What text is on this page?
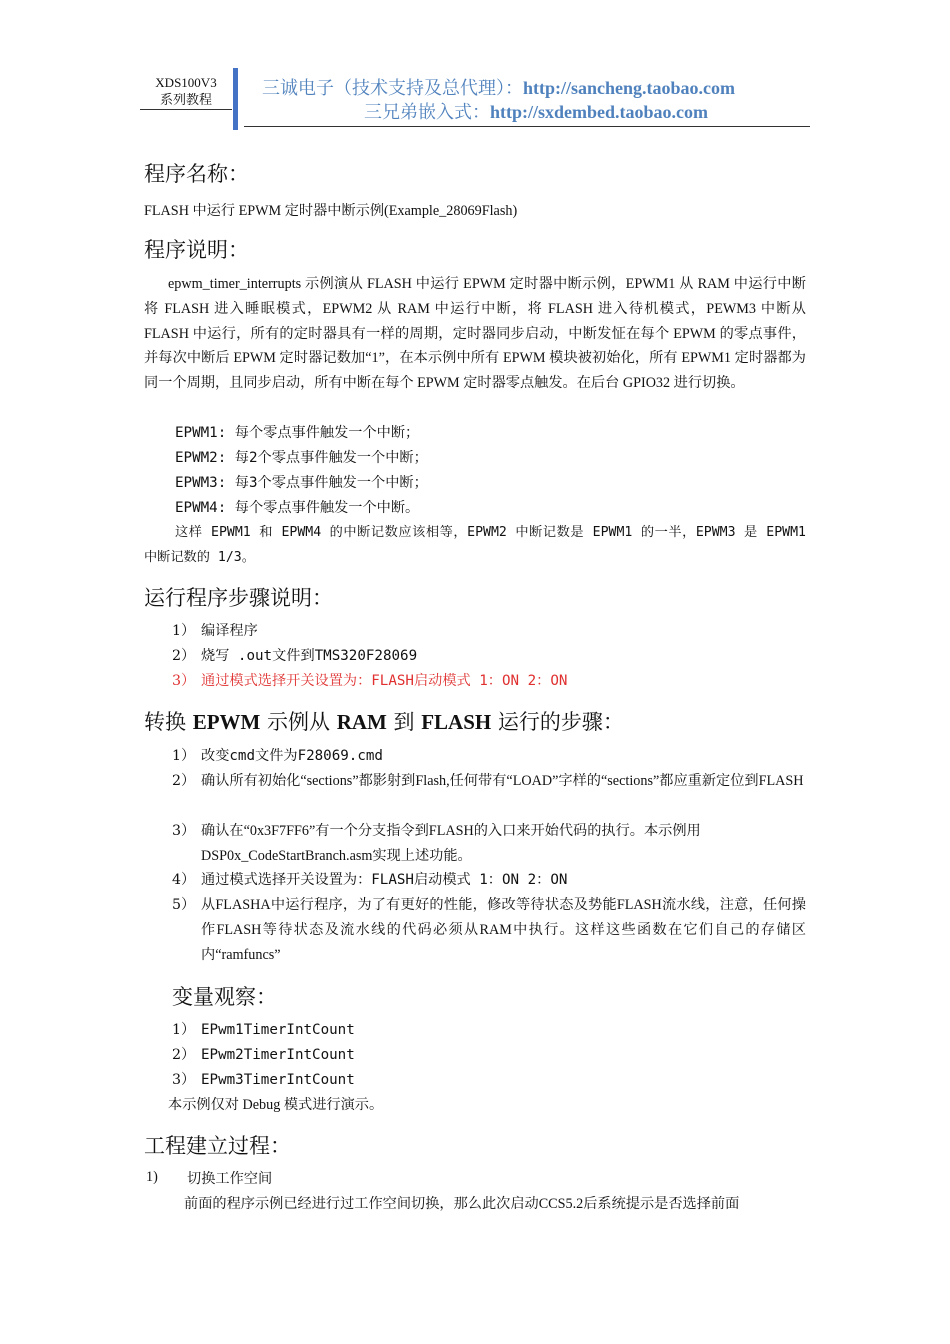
XDS100V3
系列教程
三诚电子（技术支持及总代理）：http://sancheng.taobao.com
三兄弟嵌入式：http://sxdembed.taobao.com
程序名称：
FLASH 中运行 EPWM 定时器中断示例(Example_28069Flash)
程序说明：
epwm_timer_interrupts 示例演从 FLASH 中运行 EPWM 定时器中断示例，EPWM1 从 RAM 中运行中断将 FLASH 进入睡眠模式，EPWM2 从 RAM 中运行中断，将 FLASH 进入待机模式，PEWM3 中断从 FLASH 中运行，所有的定时器具有一样的周期，定时器同步启动，中断发怔在每个 EPWM 的零点事件，并每次中断后 EPWM 定时器记数加“1”，在本示例中所有 EPWM 模块被初始化，所有 EPWM1 定时器都为同一个周期，且同步启动，所有中断在每个 EPWM 定时器零点触发。在后台 GPIO32 进行切换。
EPWM1: 每个零点事件触发一个中断；
EPWM2: 每2个零点事件触发一个中断；
EPWM3: 每3个零点事件触发一个中断；
EPWM4: 每个零点事件触发一个中断。
这样 EPWM1 和 EPWM4 的中断记数应该相等，EPWM2 中断记数是 EPWM1 的一半，EPWM3 是 EPWM1 中断记数的 1/3。
运行程序步骤说明：
1） 编译程序
2） 烧写 .out文件到TMS320F28069
3） 通过模式选择开关设置为：FLASH启动模式 1：ON 2：ON
转换 EPWM 示例从 RAM 到 FLASH 运行的步骤：
1） 改变cmd文件为F28069.cmd
2） 确认所有初始化“sections”都影射到Flash,任何带有“LOAD”字样的“sections”都应重新定位到FLASH
3） 确认在“0x3F7FF6”有一个分支指令到FLASH的入口来开始代码的执行。本示例用DSP0x_CodeStartBranch.asm实现上述功能。
4） 通过模式选择开关设置为：FLASH启动模式 1：ON 2：ON
5） 从FLASHA中运行程序，为了有更好的性能，修改等待状态及势能FLASH流水线，注意，任何操作FLASH等待状态及流水线的代码必须从RAM中执行。这样这些函数在它们自己的存储区内“ramfuncs”
变量观察：
1） EPwm1TimerIntCount
2） EPwm2TimerIntCount
3） EPwm3TimerIntCount
本示例仅对 Debug 模式进行演示。
工程建立过程：
1) 切换工作空间
前面的程序示例已经进行过工作空间切换，那么此次启动CCS5.2后系统提示是否选择前面
